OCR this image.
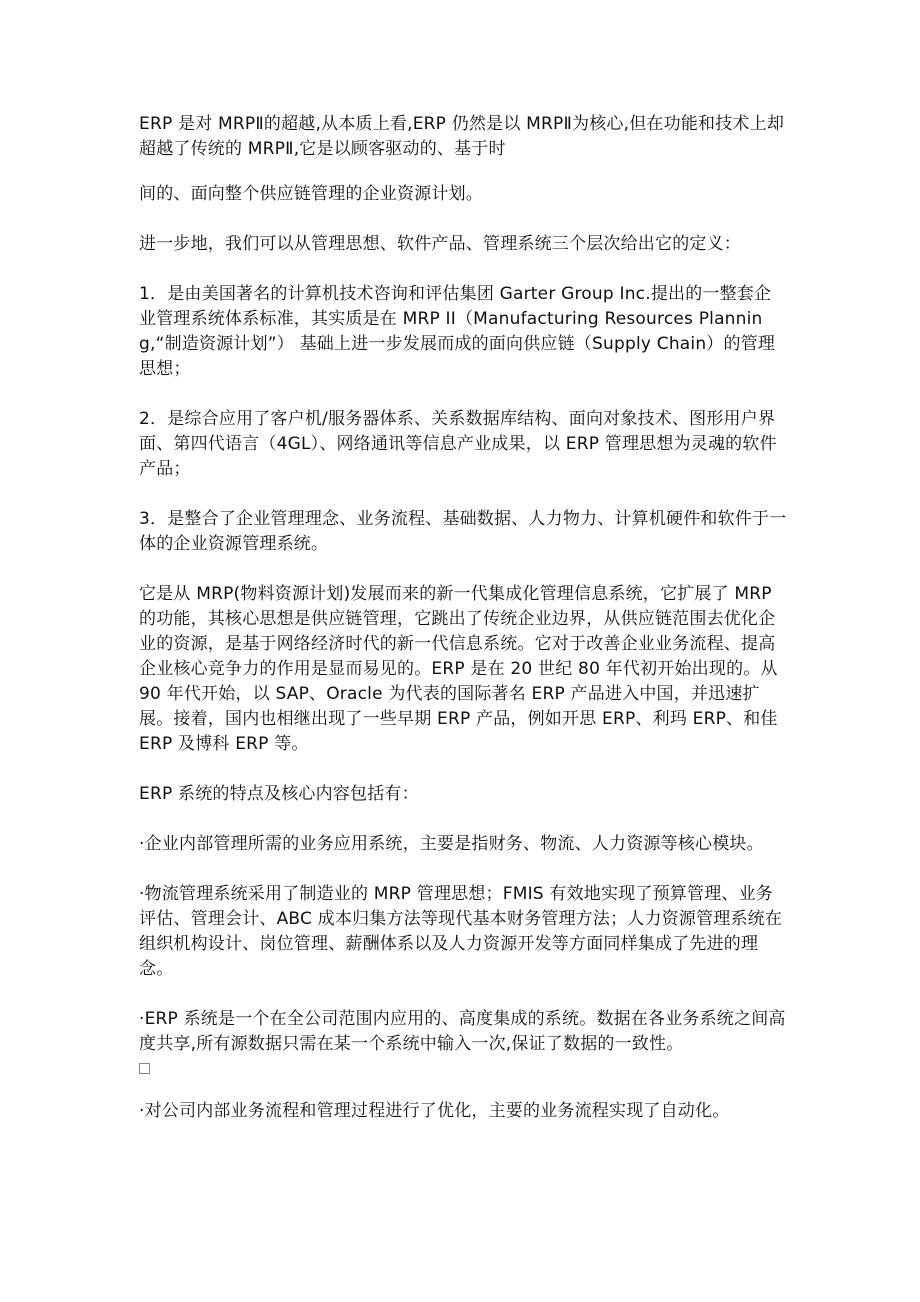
ERP 是对 MRPⅡ的超越,从本质上看,ERP 仍然是以 MRPⅡ为核心,但在功能和技术上却超越了传统的 MRPⅡ,它是以顾客驱动的、基于时

间的、面向整个供应链管理的企业资源计划。

进一步地，我们可以从管理思想、软件产品、管理系统三个层次给出它的定义：

1．是由美国著名的计算机技术咨询和评估集团 Garter Group Inc.提出的一整套企业管理系统体系标准，其实质是在 MRP II（Manufacturing Resources Planning,“制造资源计划”） 基础上进一步发展而成的面向供应链（Supply Chain）的管理思想；

2．是综合应用了客户机/服务器体系、关系数据库结构、面向对象技术、图形用户界面、第四代语言（4GL）、网络通讯等信息产业成果，以 ERP 管理思想为灵魂的软件产品；

3．是整合了企业管理理念、业务流程、基础数据、人力物力、计算机硬件和软件于一体的企业资源管理系统。

它是从 MRP(物料资源计划)发展而来的新一代集成化管理信息系统，它扩展了 MRP 的功能，其核心思想是供应链管理，它跳出了传统企业边界，从供应链范围去优化企业的资源，是基于网络经济时代的新一代信息系统。它对于改善企业业务流程、提高企业核心竞争力的作用是显而易见的。ERP 是在 20 世纪 80 年代初开始出现的。从 90 年代开始，以 SAP、Oracle 为代表的国际著名 ERP 产品进入中国，并迅速扩展。接着，国内也相继出现了一些早期 ERP 产品，例如开思 ERP、利玛 ERP、和佳 ERP 及博科 ERP 等。

ERP 系统的特点及核心内容包括有：

·企业内部管理所需的业务应用系统，主要是指财务、物流、人力资源等核心模块。

·物流管理系统采用了制造业的 MRP 管理思想；FMIS 有效地实现了预算管理、业务评估、管理会计、ABC 成本归集方法等现代基本财务管理方法；人力资源管理系统在组织机构设计、岗位管理、薪酬体系以及人力资源开发等方面同样集成了先进的理念。

·ERP 系统是一个在全公司范围内应用的、高度集成的系统。数据在各业务系统之间高度共享,所有源数据只需在某一个系统中输入一次,保证了数据的一致性。

·对公司内部业务流程和管理过程进行了优化，主要的业务流程实现了自动化。
